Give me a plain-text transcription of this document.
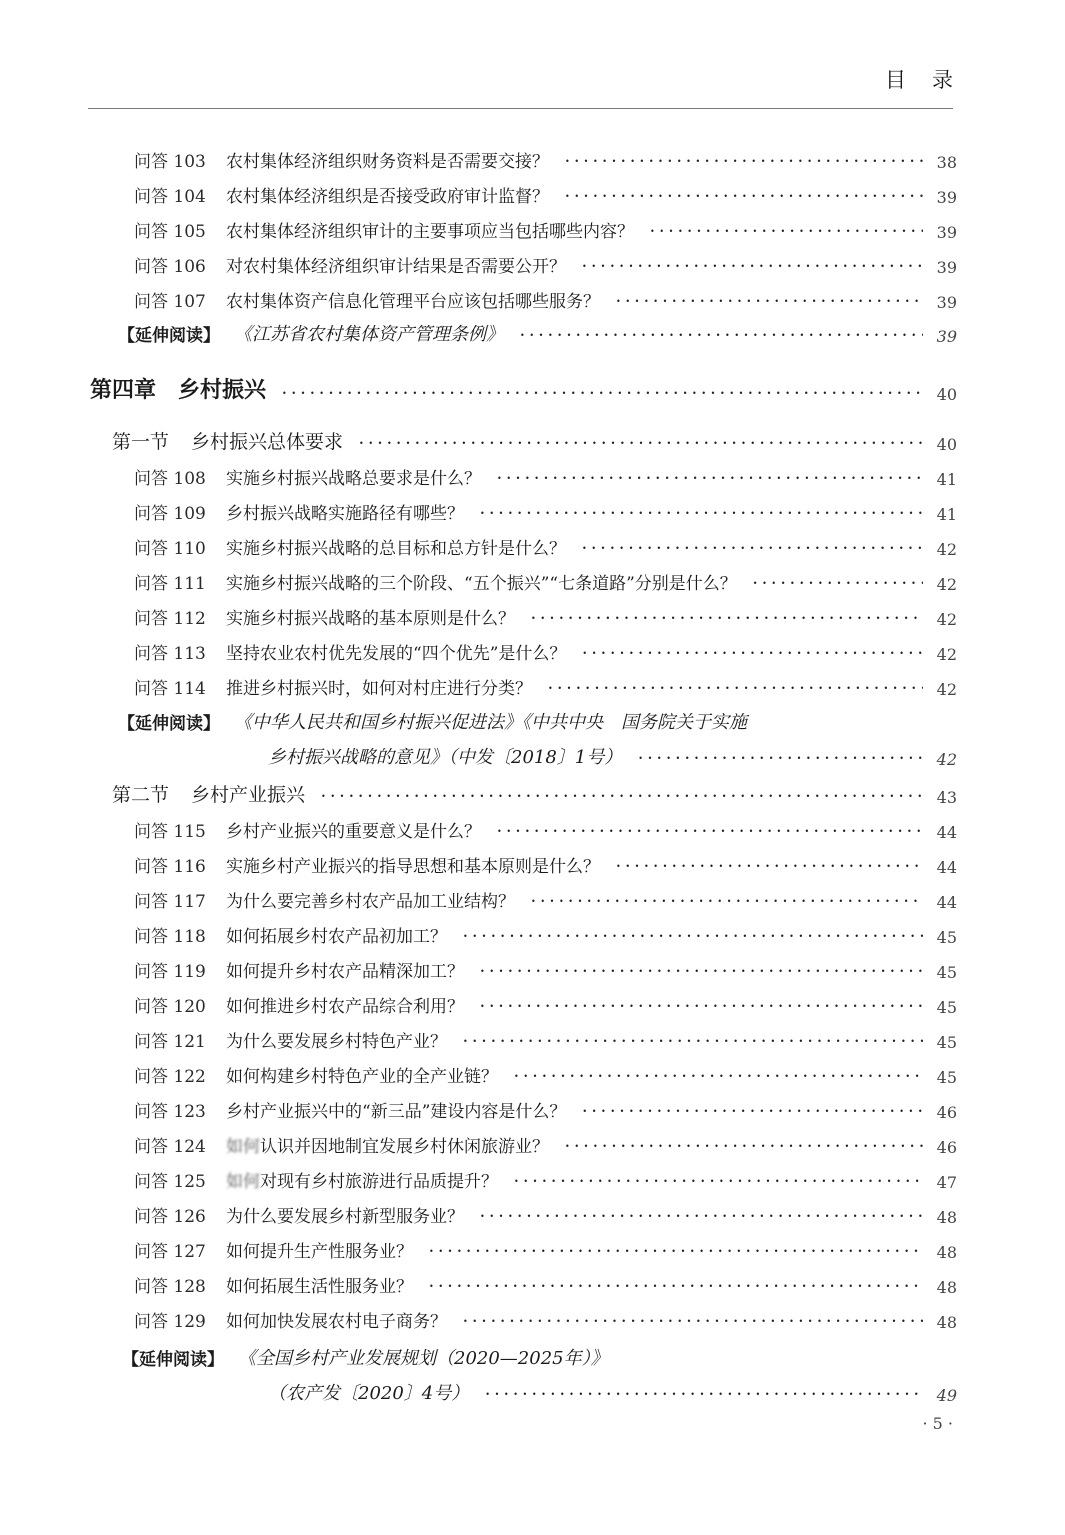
目录
问答 103	农村集体经济组织财务资料是否需要交接？ •••••	38
问答 104	农村集体经济组织是否接受政府审计监督？ •••••	39
问答 105	农村集体经济组织审计的主要事项应当包括哪些内容？ •••••	39
问答 106	对农村集体经济组织审计结果是否需要公开？ •••••	39
问答 107	农村集体资产信息化管理平台应该包括哪些服务？ •••••	39
【延伸阅读】 《江苏省农村集体资产管理条例》 •••••	39
第四章　乡村振兴 •••••	40
第一节 乡村振兴总体要求 •••••	40
问答 108	实施乡村振兴战略总要求是什么？ •••••	41
问答 109	乡村振兴战略实施路径有哪些？ •••••	41
问答 110	实施乡村振兴战略的总目标和总方针是什么？ •••••	42
问答 111	实施乡村振兴战略的三个阶段、“五个振兴”“七条道路”分别是什么？ •••••	42
问答 112	实施乡村振兴战略的基本原则是什么？ •••••	42
问答 113	坚持农业农村优先发展的“四个优先”是什么？ •••••	42
问答 114	推进乡村振兴时，如何对村庄进行分类？ •••••	42
【延伸阅读】 《中华人民共和国乡村振兴促进法》《中共中央　国务院关于实施
乡村振兴战略的意见》（中发〔2018〕1号） •••••	42
第二节 乡村产业振兴 •••••	43
问答 115	乡村产业振兴的重要意义是什么？ •••••	44
问答 116	实施乡村产业振兴的指导思想和基本原则是什么？ •••••	44
问答 117	为什么要完善乡村农产品加工业结构？ •••••	44
问答 118	如何拓展乡村农产品初加工？ •••••	45
问答 119	如何提升乡村农产品精深加工？ •••••	45
问答 120	如何推进乡村农产品综合利用？ •••••	45
问答 121	为什么要发展乡村特色产业？ •••••	45
问答 122	如何构建乡村特色产业的全产业链？ •••••	45
问答 123	乡村产业振兴中的“新三品”建设内容是什么？ •••••	46
问答 124	如何认识并因地制宜发展乡村休闲旅游业？ •••••	46
问答 125	如何对现有乡村旅游进行品质提升？ •••••	47
问答 126	为什么要发展乡村新型服务业？ •••••	48
问答 127	如何提升生产性服务业？ •••••	48
问答 128	如何拓展生活性服务业？ •••••	48
问答 129	如何加快发展农村电子商务？ •••••	48
【延伸阅读】 《全国乡村产业发展规划（2020—2025年）》
（农产发〔2020〕4号） •••••	49
· 5 ·
